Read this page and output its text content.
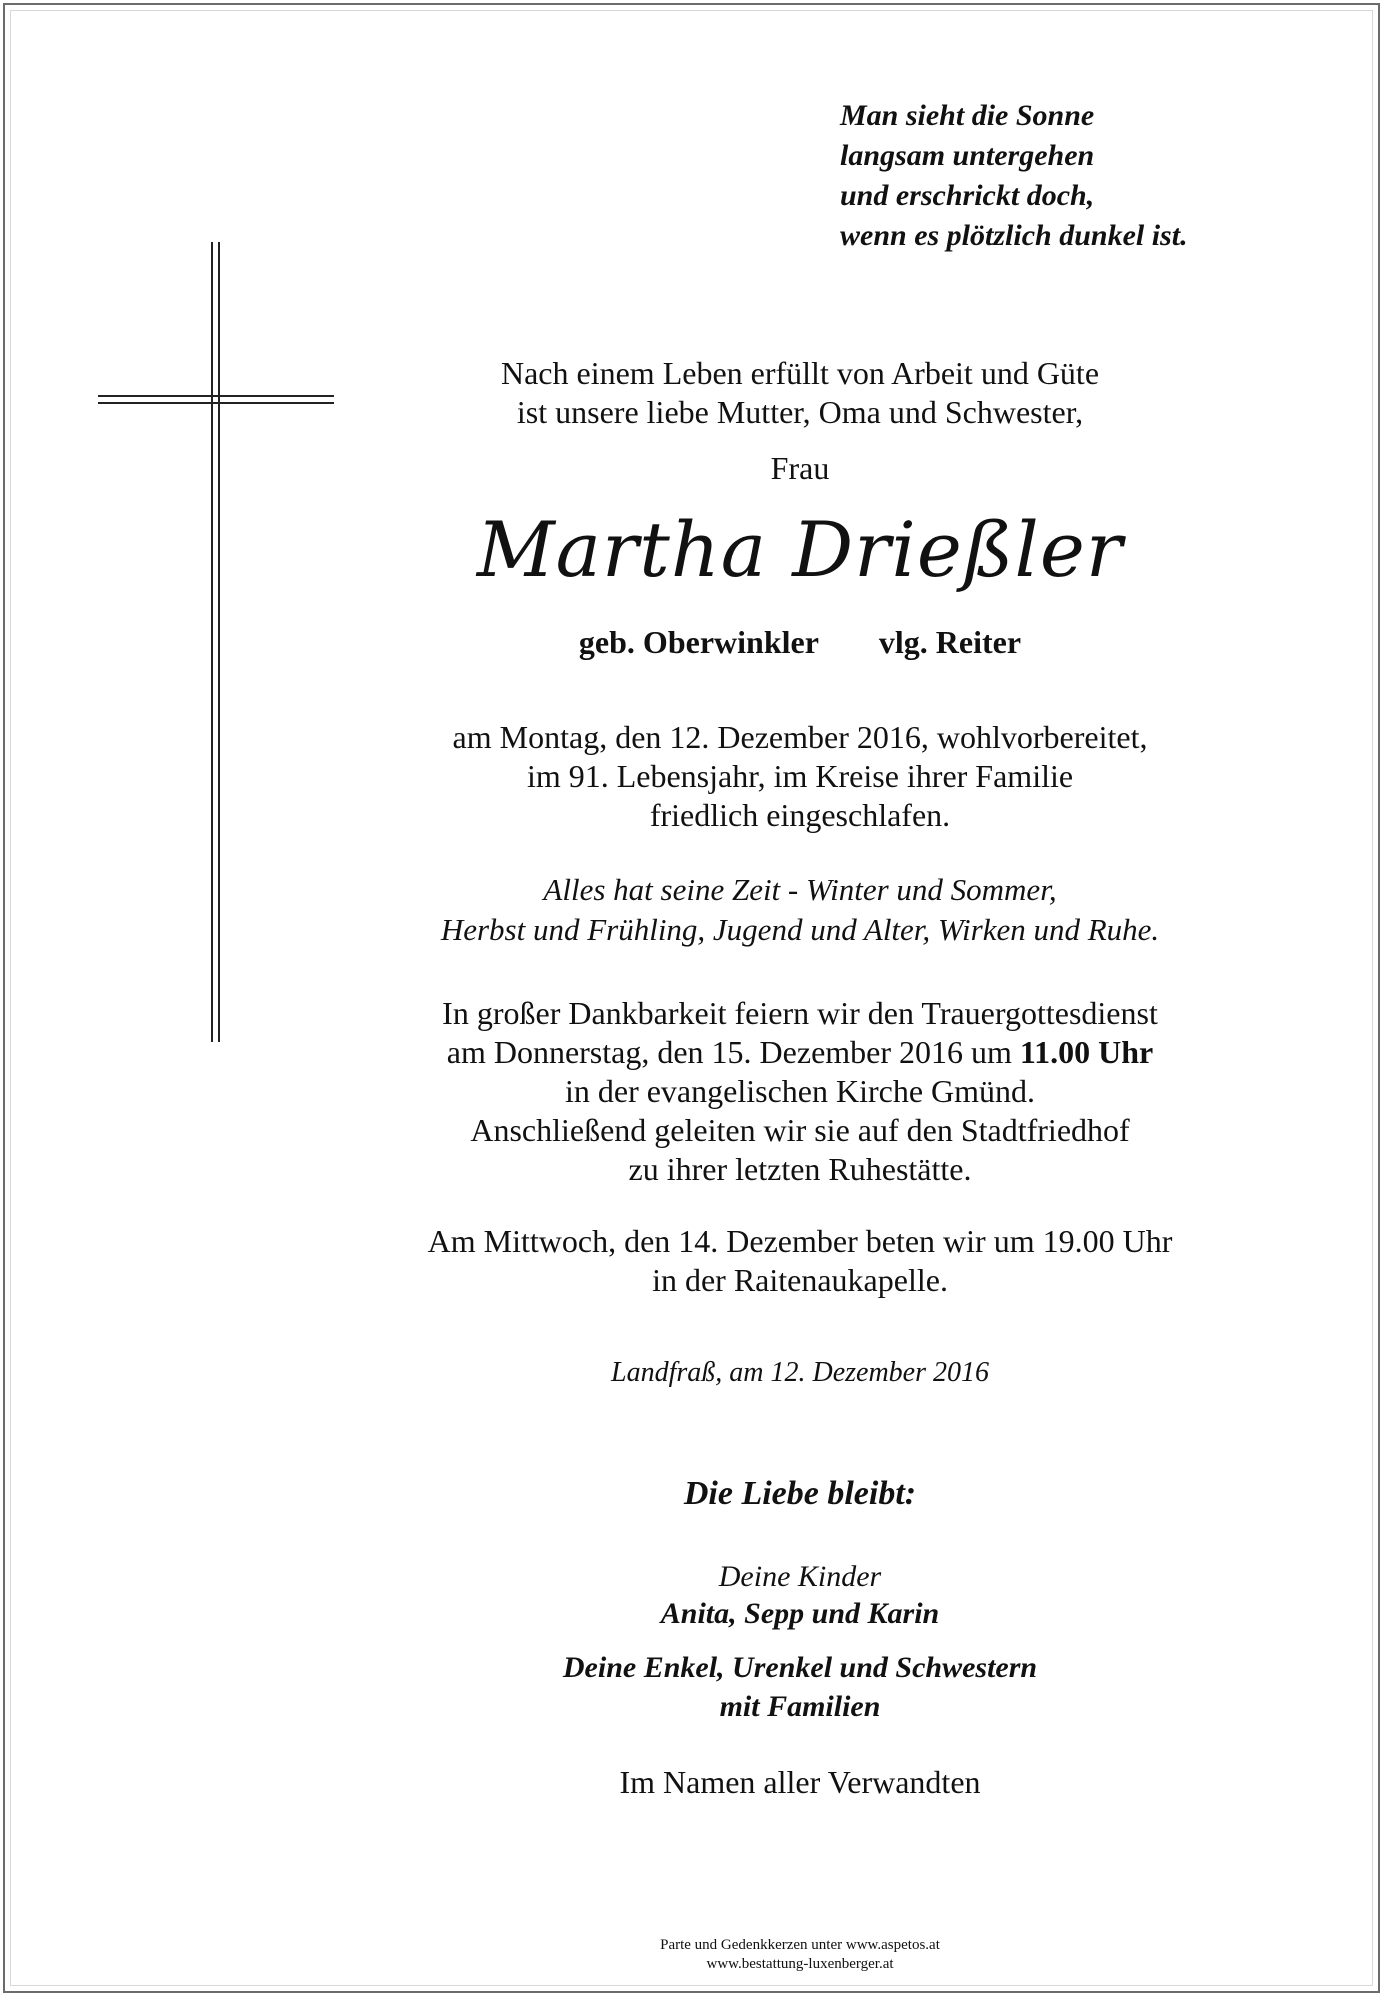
Man sieht die Sonne
langsam untergehen
und erschrickt doch,
wenn es plötzlich dunkel ist.
Nach einem Leben erfüllt von Arbeit und Güte
ist unsere liebe Mutter, Oma und Schwester,
Frau
Martha Drießler
geb. Oberwinkler vlg. Reiter
am Montag, den 12. Dezember 2016, wohlvorbereitet,
im 91. Lebensjahr, im Kreise ihrer Familie
friedlich eingeschlafen.
Alles hat seine Zeit - Winter und Sommer,
Herbst und Frühling, Jugend und Alter, Wirken und Ruhe.
In großer Dankbarkeit feiern wir den Trauergottesdienst
am Donnerstag, den 15. Dezember 2016 um 11.00 Uhr
in der evangelischen Kirche Gmünd.
Anschließend geleiten wir sie auf den Stadtfriedhof
zu ihrer letzten Ruhestätte.
Am Mittwoch, den 14. Dezember beten wir um 19.00 Uhr
in der Raitenaukapelle.
Landfraß, am 12. Dezember 2016
Die Liebe bleibt:
Deine Kinder
Anita, Sepp und Karin
Deine Enkel, Urenkel und Schwestern
mit Familien
Im Namen aller Verwandten
Parte und Gedenkkerzen unter www.aspetos.at
www.bestattung-luxenberger.at
